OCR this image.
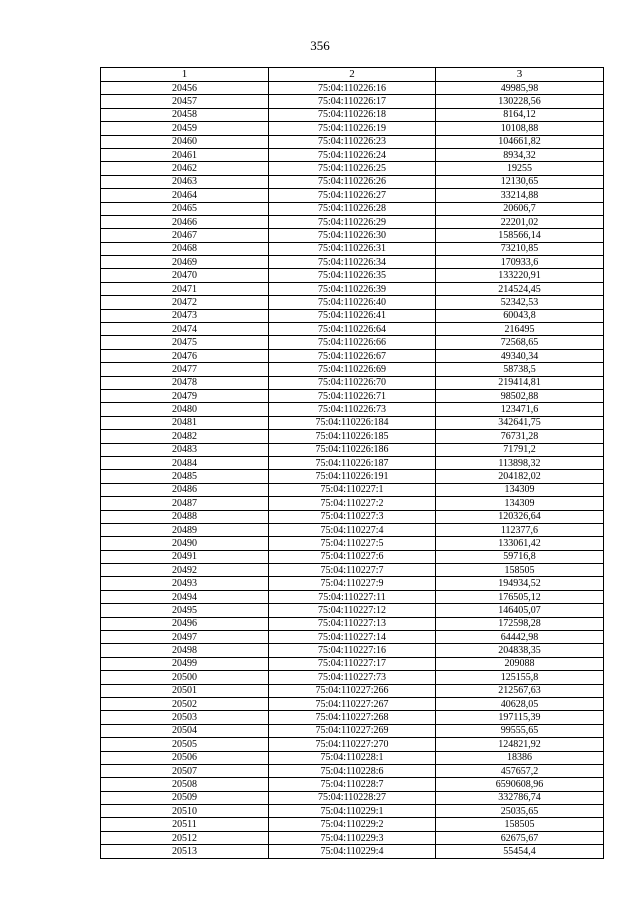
356
1	2	3
20456	75:04:110226:16	49985,98
20457	75:04:110226:17	130228,56
20458	75:04:110226:18	8164,12
20459	75:04:110226:19	10108,88
20460	75:04:110226:23	104661,82
20461	75:04:110226:24	8934,32
20462	75:04:110226:25	19255
20463	75:04:110226:26	12130,65
20464	75:04:110226:27	33214,88
20465	75:04:110226:28	20606,7
20466	75:04:110226:29	22201,02
20467	75:04:110226:30	158566,14
20468	75:04:110226:31	73210,85
20469	75:04:110226:34	170933,6
20470	75:04:110226:35	133220,91
20471	75:04:110226:39	214524,45
20472	75:04:110226:40	52342,53
20473	75:04:110226:41	60043,8
20474	75:04:110226:64	216495
20475	75:04:110226:66	72568,65
20476	75:04:110226:67	49340,34
20477	75:04:110226:69	58738,5
20478	75:04:110226:70	219414,81
20479	75:04:110226:71	98502,88
20480	75:04:110226:73	123471,6
20481	75:04:110226:184	342641,75
20482	75:04:110226:185	76731,28
20483	75:04:110226:186	71791,2
20484	75:04:110226:187	113898,32
20485	75:04:110226:191	204182,02
20486	75:04:110227:1	134309
20487	75:04:110227:2	134309
20488	75:04:110227:3	120326,64
20489	75:04:110227:4	112377,6
20490	75:04:110227:5	133061,42
20491	75:04:110227:6	59716,8
20492	75:04:110227:7	158505
20493	75:04:110227:9	194934,52
20494	75:04:110227:11	176505,12
20495	75:04:110227:12	146405,07
20496	75:04:110227:13	172598,28
20497	75:04:110227:14	64442,98
20498	75:04:110227:16	204838,35
20499	75:04:110227:17	209088
20500	75:04:110227:73	125155,8
20501	75:04:110227:266	212567,63
20502	75:04:110227:267	40628,05
20503	75:04:110227:268	197115,39
20504	75:04:110227:269	99555,65
20505	75:04:110227:270	124821,92
20506	75:04:110228:1	18386
20507	75:04:110228:6	457657,2
20508	75:04:110228:7	6590608,96
20509	75:04:110228:27	332786,74
20510	75:04:110229:1	25035,65
20511	75:04:110229:2	158505
20512	75:04:110229:3	62675,67
20513	75:04:110229:4	55454,4
